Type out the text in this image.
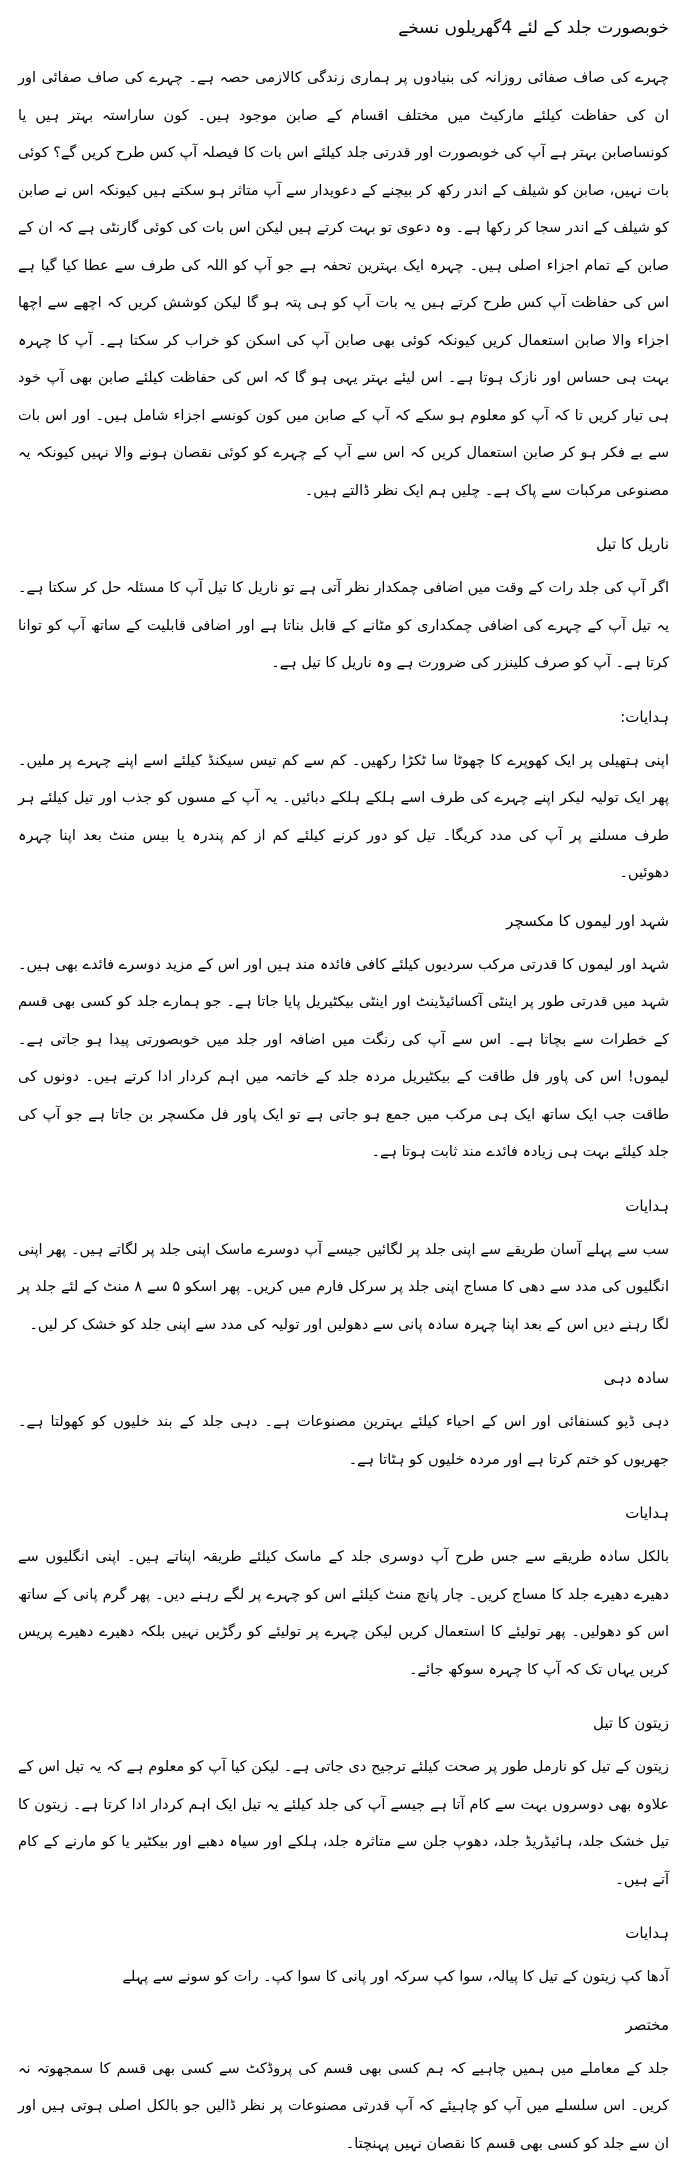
خوبصورت جلد کے لئے 4گھریلوں نسخے

چہرے کی صاف صفائی روزانہ کی بنیادوں پر ہماری زندگی کالازمی حصہ ہے۔ چہرے کی صاف صفائی اور ان کی حفاظت کیلئے مارکیٹ میں مختلف اقسام کے صابن موجود ہیں۔ کون ساراستہ بہتر ہیں یا کونساصابن بہتر ہے آپ کی خوبصورت اور قدرتی جلد کیلئے اس بات کا فیصلہ آپ کس طرح کریں گے؟ کوئی بات نہیں، صابن کو شیلف کے اندر رکھ کر بیچنے کے دعویدار سے آپ متاثر ہو سکتے ہیں کیونکہ اس نے صابن کو شیلف کے اندر سجا کر رکھا ہے۔ وہ دعوی تو بہت کرتے ہیں لیکن اس بات کی کوئی گارنٹی ہے کہ ان کے صابن کے تمام اجزاء اصلی ہیں۔ چہرہ ایک بہترین تحفہ ہے جو آپ کو اللہ کی طرف سے عطا کیا گیا ہے اس کی حفاظت آپ کس طرح کرتے ہیں یہ بات آپ کو ہی پتہ ہو گا لیکن کوشش کریں کہ اچھے سے اچھا اجزاء والا صابن استعمال کریں کیونکہ کوئی بھی صابن آپ کی اسکن کو خراب کر سکتا ہے۔ آپ کا چہرہ بہت ہی حساس اور نازک ہوتا ہے۔ اس لیئے بہتر یہی ہو گا کہ اس کی حفاظت کیلئے صابن بھی آپ خود ہی تیار کریں تا کہ آپ کو معلوم ہو سکے کہ آپ کے صابن میں کون کونسے اجزاء شامل ہیں۔ اور اس بات سے بے فکر ہو کر صابن استعمال کریں کہ اس سے آپ کے چہرے کو کوئی نقصان ہونے والا نہیں کیونکہ یہ مصنوعی مرکبات سے پاک ہے۔ چلیں ہم ایک نظر ڈالتے ہیں۔

ناریل کا تیل

اگر آپ کی جلد رات کے وقت میں اضافی چمکدار نظر آتی ہے تو ناریل کا تیل آپ کا مسئلہ حل کر سکتا ہے۔ یہ تیل آپ کے چہرے کی اضافی چمکداری کو مٹانے کے قابل بناتا ہے اور اضافی قابلیت کے ساتھ آپ کو توانا کرتا ہے۔ آپ کو صرف کلینزر کی ضرورت ہے وہ ناریل کا تیل ہے۔

ہدایات:

اپنی ہتھیلی پر ایک کھوپرے کا چھوٹا سا ٹکڑا رکھیں۔ کم سے کم تیس سیکنڈ کیلئے اسے اپنے چہرے پر ملیں۔ پھر ایک تولیہ لیکر اپنے چہرے کی طرف اسے ہلکے ہلکے دبائیں۔ یہ آپ کے مسوں کو جذب اور تیل کیلئے ہر طرف مسلنے پر آپ کی مدد کریگا۔ تیل کو دور کرنے کیلئے کم از کم پندرہ یا بیس منٹ بعد اپنا چہرہ دھوئیں۔

شہد اور لیموں کا مکسچر

شہد اور لیموں کا قدرتی مرکب سردیوں کیلئے کافی فائدہ مند ہیں اور اس کے مزید دوسرے فائدے بھی ہیں۔ شہد میں قدرتی طور پر اینٹی آکسائیڈینٹ اور اینٹی بیکٹیریل پایا جاتا ہے۔ جو ہمارے جلد کو کسی بھی قسم کے خطرات سے بچاتا ہے۔ اس سے آپ کی رنگت میں اضافہ اور جلد میں خوبصورتی پیدا ہو جاتی ہے۔ لیموں! اس کی پاور فل طاقت کے بیکٹیریل مردہ جلد کے خاتمہ میں اہم کردار ادا کرتے ہیں۔ دونوں کی طاقت جب ایک ساتھ ایک ہی مرکب میں جمع ہو جاتی ہے تو ایک پاور فل مکسچر بن جاتا ہے جو آپ کی جلد کیلئے بہت ہی زیادہ فائدے مند ثابت ہوتا ہے۔

ہدایات

سب سے پہلے آسان طریقے سے اپنی جلد پر لگائیں جیسے آپ دوسرے ماسک اپنی جلد پر لگاتے ہیں۔ پھر اپنی انگلیوں کی مدد سے دھی کا مساج اپنی جلد پر سرکل فارم میں کریں۔ پھر اسکو ۵ سے ۸ منٹ کے لئے جلد پر لگا رہنے دیں اس کے بعد اپنا چہرہ سادہ پانی سے دھولیں اور تولیہ کی مدد سے اپنی جلد کو خشک کر لیں۔

سادہ دہی

دہی ڈیو کسنفائی اور اس کے احیاء کیلئے بہترین مصنوعات ہے۔ دہی جلد کے بند خلیوں کو کھولتا ہے۔ جھریوں کو ختم کرتا ہے اور مردہ خلیوں کو ہٹاتا ہے۔

ہدایات

بالکل سادہ طریقے سے جس طرح آپ دوسری جلد کے ماسک کیلئے طریقہ اپناتے ہیں۔ اپنی انگلیوں سے دھیرے دھیرے جلد کا مساج کریں۔ چار پانچ منٹ کیلئے اس کو چہرے پر لگے رہنے دیں۔ پھر گرم پانی کے ساتھ اس کو دھولیں۔ پھر تولیئے کا استعمال کریں لیکن چہرے پر تولیئے کو رگڑیں نہیں بلکہ دھیرے دھیرے پریس کریں یہاں تک کہ آپ کا چہرہ سوکھ جائے۔

زیتون کا تیل

زیتون کے تیل کو نارمل طور پر صحت کیلئے ترجیح دی جاتی ہے۔ لیکن کیا آپ کو معلوم ہے کہ یہ تیل اس کے علاوہ بھی دوسروں بہت سے کام آتا ہے جیسے آپ کی جلد کیلئے یہ تیل ایک اہم کردار ادا کرتا ہے۔ زیتون کا تیل خشک جلد، ہائیڈریڈ جلد، دھوپ جلن سے متاثرہ جلد، ہلکے اور سیاہ دھبے اور بیکٹیر یا کو مارنے کے کام آتے ہیں۔

ہدایات

آدھا کپ زیتون کے تیل کا پیالہ، سوا کپ سرکہ اور پانی کا سوا کپ۔ رات کو سونے سے پہلے

مختصر

جلد کے معاملے میں ہمیں چاہیے کہ ہم کسی بھی قسم کی پروڈکٹ سے کسی بھی قسم کا سمجھوتہ نہ کریں۔ اس سلسلے میں آپ کو چاہیئے کہ آپ قدرتی مصنوعات پر نظر ڈالیں جو بالکل اصلی ہوتی ہیں اور ان سے جلد کو کسی بھی قسم کا نقصان نہیں پہنچتا۔
